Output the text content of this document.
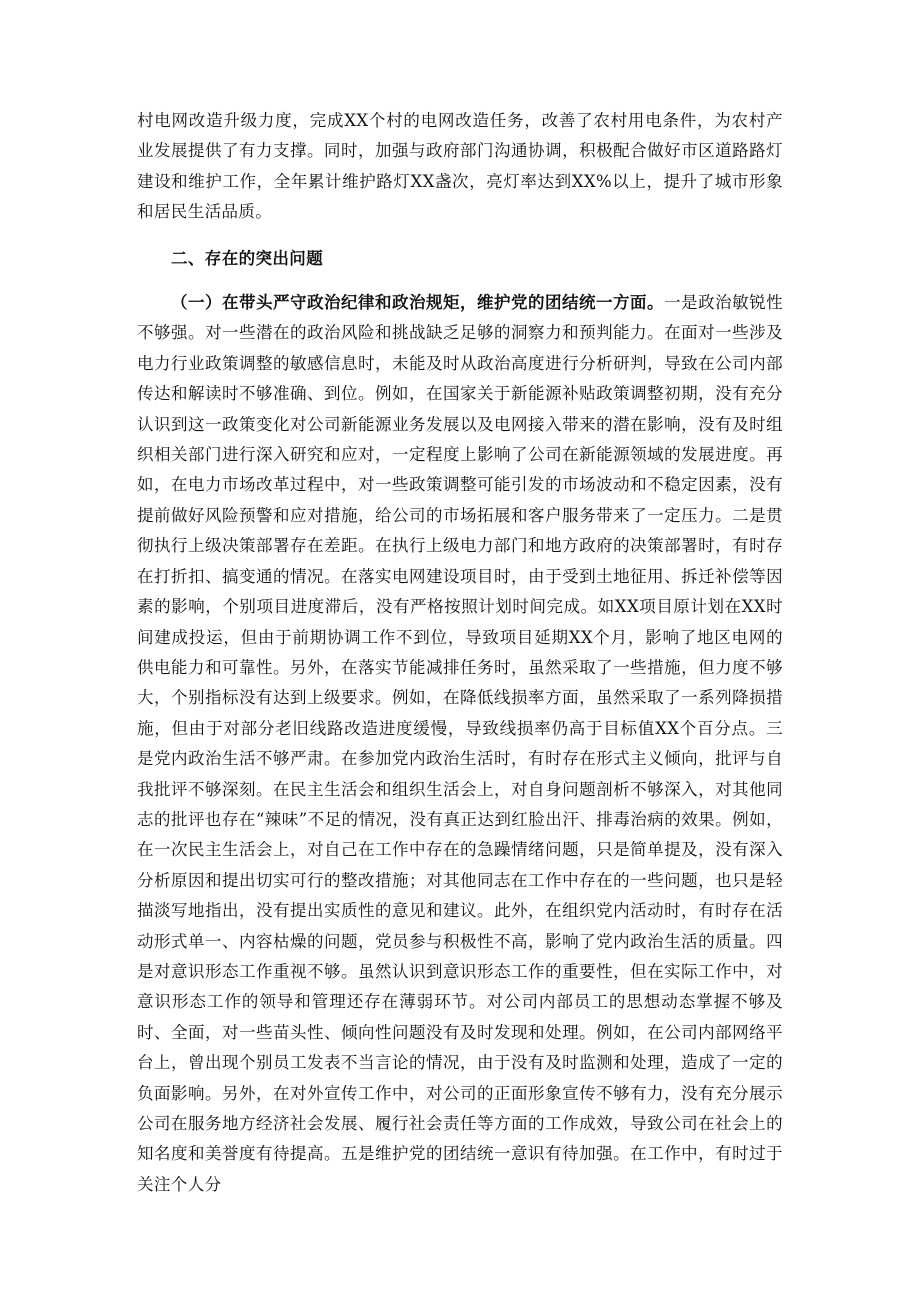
村电网改造升级力度，完成XX个村的电网改造任务，改善了农村用电条件，为农村产业发展提供了有力支撑。同时，加强与政府部门沟通协调，积极配合做好市区道路路灯建设和维护工作，全年累计维护路灯XX盏次，亮灯率达到XX%以上，提升了城市形象和居民生活品质。

二、存在的突出问题

（一）在带头严守政治纪律和政治规矩，维护党的团结统一方面。一是政治敏锐性不够强。对一些潜在的政治风险和挑战缺乏足够的洞察力和预判能力。在面对一些涉及电力行业政策调整的敏感信息时，未能及时从政治高度进行分析研判，导致在公司内部传达和解读时不够准确、到位。例如，在国家关于新能源补贴政策调整初期，没有充分认识到这一政策变化对公司新能源业务发展以及电网接入带来的潜在影响，没有及时组织相关部门进行深入研究和应对，一定程度上影响了公司在新能源领域的发展进度。再如，在电力市场改革过程中，对一些政策调整可能引发的市场波动和不稳定因素，没有提前做好风险预警和应对措施，给公司的市场拓展和客户服务带来了一定压力。二是贯彻执行上级决策部署存在差距。在执行上级电力部门和地方政府的决策部署时，有时存在打折扣、搞变通的情况。在落实电网建设项目时，由于受到土地征用、拆迁补偿等因素的影响，个别项目进度滞后，没有严格按照计划时间完成。如XX项目原计划在XX时间建成投运，但由于前期协调工作不到位，导致项目延期XX个月，影响了地区电网的供电能力和可靠性。另外，在落实节能减排任务时，虽然采取了一些措施，但力度不够大，个别指标没有达到上级要求。例如，在降低线损率方面，虽然采取了一系列降损措施，但由于对部分老旧线路改造进度缓慢，导致线损率仍高于目标值XX个百分点。三是党内政治生活不够严肃。在参加党内政治生活时，有时存在形式主义倾向，批评与自我批评不够深刻。在民主生活会和组织生活会上，对自身问题剖析不够深入，对其他同志的批评也存在“辣味”不足的情况，没有真正达到红脸出汗、排毒治病的效果。例如，在一次民主生活会上，对自己在工作中存在的急躁情绪问题，只是简单提及，没有深入分析原因和提出切实可行的整改措施；对其他同志在工作中存在的一些问题，也只是轻描淡写地指出，没有提出实质性的意见和建议。此外，在组织党内活动时，有时存在活动形式单一、内容枯燥的问题，党员参与积极性不高，影响了党内政治生活的质量。四是对意识形态工作重视不够。虽然认识到意识形态工作的重要性，但在实际工作中，对意识形态工作的领导和管理还存在薄弱环节。对公司内部员工的思想动态掌握不够及时、全面，对一些苗头性、倾向性问题没有及时发现和处理。例如，在公司内部网络平台上，曾出现个别员工发表不当言论的情况，由于没有及时监测和处理，造成了一定的负面影响。另外，在对外宣传工作中，对公司的正面形象宣传不够有力，没有充分展示公司在服务地方经济社会发展、履行社会责任等方面的工作成效，导致公司在社会上的知名度和美誉度有待提高。五是维护党的团结统一意识有待加强。在工作中，有时过于关注个人分
